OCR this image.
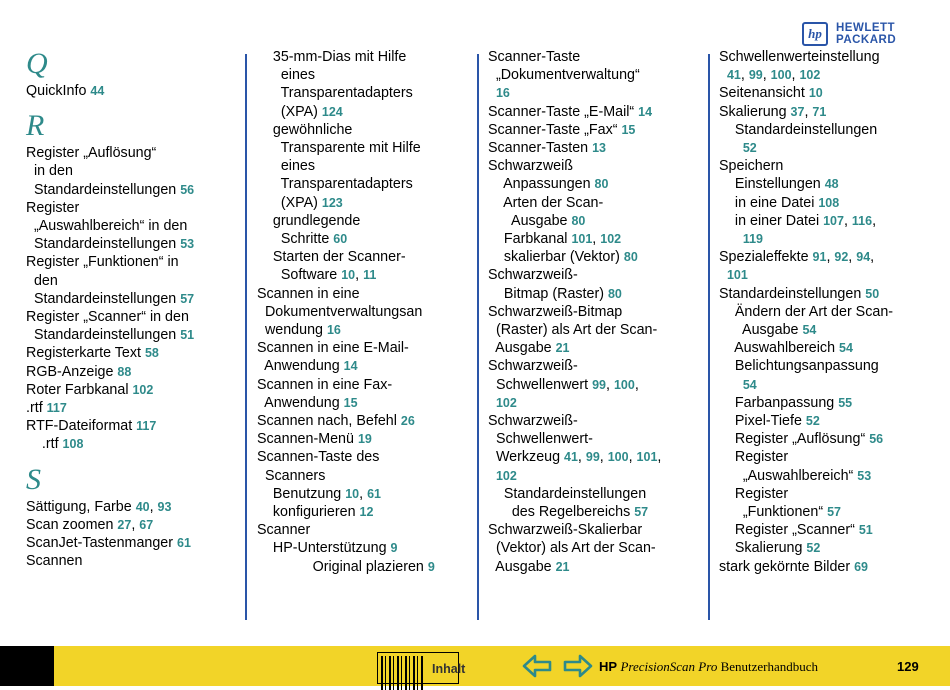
hp HEWLETT
PACKARD
Q
QuickInfo 44
R
Register „Auflösung“
in den
Standardeinstellungen 56
Register
„Auswahlbereich“ in den
Standardeinstellungen 53
Register „Funktionen“ in
den
Standardeinstellungen 57
Register „Scanner“ in den
Standardeinstellungen 51
Registerkarte Text 58
RGB-Anzeige 88
Roter Farbkanal 102
.rtf 117
RTF-Dateiformat 117
.rtf 108
S
Sättigung, Farbe 40, 93
Scan zoomen 27, 67
ScanJet-Tastenmanger 61
Scannen
35-mm-Dias mit Hilfe
eines
Transparentadapters
(XPA) 124
gewöhnliche
Transparente mit Hilfe
eines
Transparentadapters
(XPA) 123
grundlegende
Schritte 60
Starten der Scanner-
Software 10, 11
Scannen in eine
Dokumentverwaltungsan
wendung 16
Scannen in eine E-Mail-
Anwendung 14
Scannen in eine Fax-
Anwendung 15
Scannen nach, Befehl 26
Scannen-Menü 19
Scannen-Taste des
Scanners
Benutzung 10, 61
konfigurieren 12
Scanner
HP-Unterstützung 9
Original plazieren 9
Scanner-Taste
„Dokumentverwaltung“
16
Scanner-Taste „E-Mail“ 14
Scanner-Taste „Fax“ 15
Scanner-Tasten 13
Schwarzweiß
Anpassungen 80
Arten der Scan-
Ausgabe 80
Farbkanal 101, 102
skalierbar (Vektor) 80
Schwarzweiß-
Bitmap (Raster) 80
Schwarzweiß-Bitmap
(Raster) als Art der Scan-
Ausgabe 21
Schwarzweiß-
Schwellenwert 99, 100,
102
Schwarzweiß-
Schwellenwert-
Werkzeug 41, 99, 100, 101,
102
Standardeinstellungen
des Regelbereichs 57
Schwarzweiß-Skalierbar
(Vektor) als Art der Scan-
Ausgabe 21
Schwellenwerteinstellung
41, 99, 100, 102
Seitenansicht 10
Skalierung 37, 71
Standardeinstellungen
52
Speichern
Einstellungen 48
in eine Datei 108
in einer Datei 107, 116,
119
Spezialeffekte 91, 92, 94,
101
Standardeinstellungen 50
Ändern der Art der Scan-
Ausgabe 54
Auswahlbereich 54
Belichtungsanpassung
54
Farbanpassung 55
Pixel-Tiefe 52
Register „Auflösung“ 56
Register
„Auswahlbereich“ 53
Register
„Funktionen“ 57
Register „Scanner“ 51
Skalierung 52
stark gekörnte Bilder 69
Inhalt	HP PrecisionScan Pro Benutzerhandbuch	129
